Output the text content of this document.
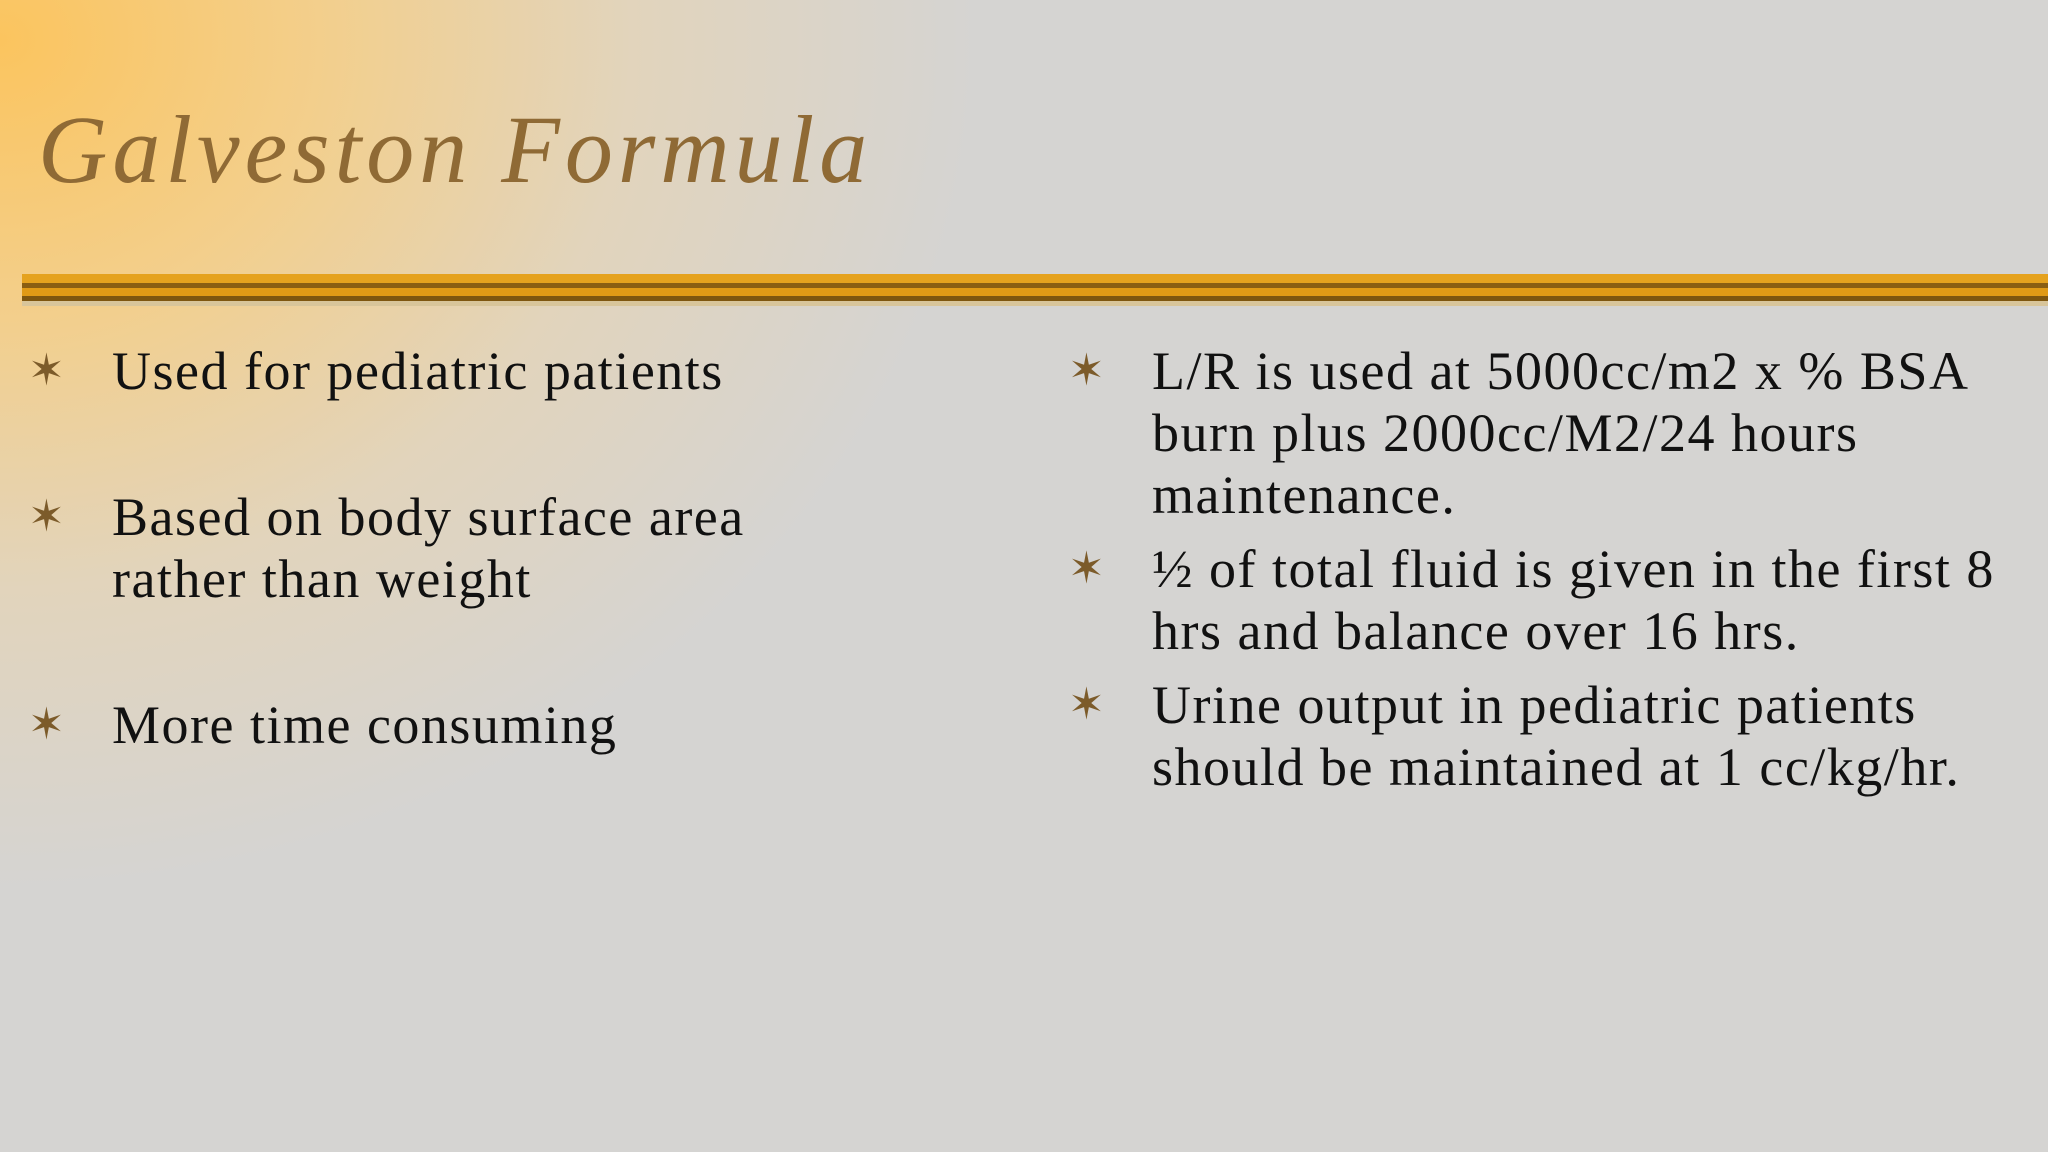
Galveston Formula
✶ Used for pediatric patients
✶ Based on body surface area rather than weight
✶ More time consuming
✶ L/R is used at 5000cc/m2 x % BSA burn plus 2000cc/M2/24 hours maintenance.
✶ ½ of total fluid is given in the first 8 hrs and balance over 16 hrs.
✶ Urine output in pediatric patients should be maintained at 1 cc/kg/hr.
